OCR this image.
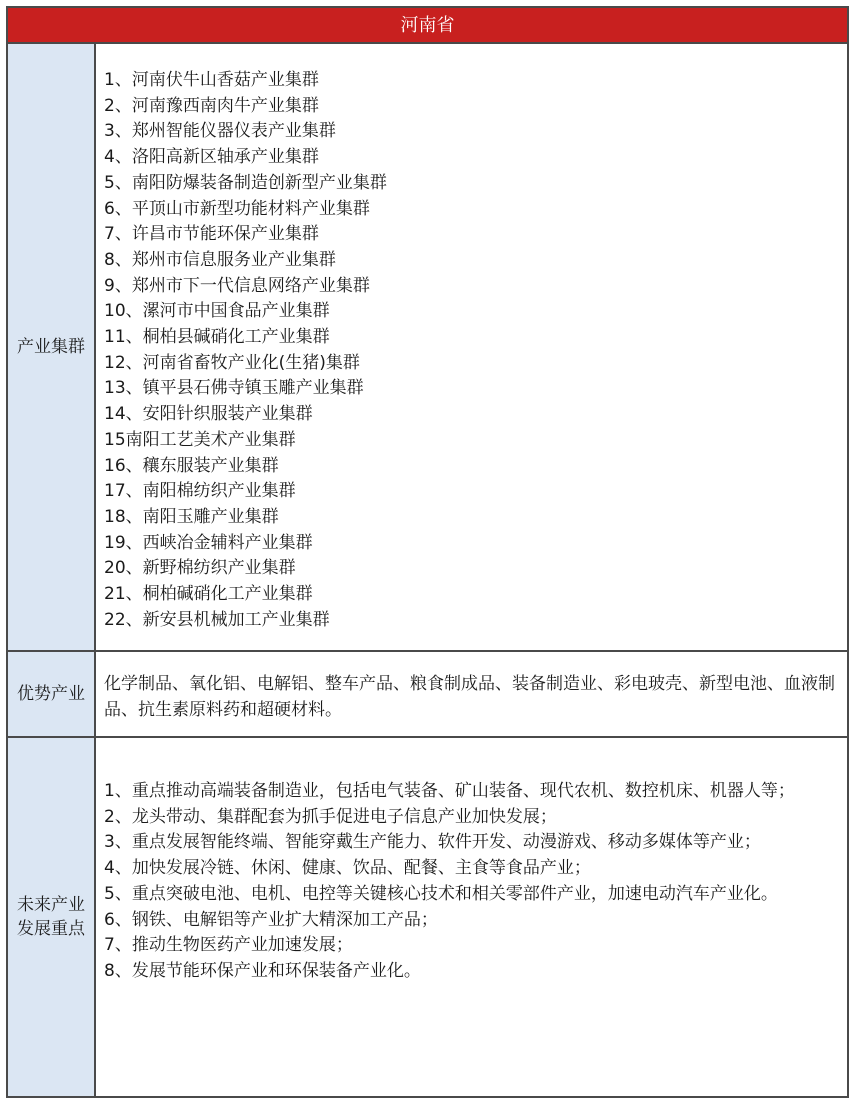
河南省
产业集群
1、河南伏牛山香菇产业集群
2、河南豫西南肉牛产业集群
3、郑州智能仪器仪表产业集群
4、洛阳高新区轴承产业集群
5、南阳防爆装备制造创新型产业集群
6、平顶山市新型功能材料产业集群
7、许昌市节能环保产业集群
8、郑州市信息服务业产业集群
9、郑州市下一代信息网络产业集群
10、漯河市中国食品产业集群
11、桐柏县碱硝化工产业集群
12、河南省畜牧产业化(生猪)集群
13、镇平县石佛寺镇玉雕产业集群
14、安阳针织服装产业集群
15南阳工艺美术产业集群
16、穰东服装产业集群
17、南阳棉纺织产业集群
18、南阳玉雕产业集群
19、西峡冶金辅料产业集群
20、新野棉纺织产业集群
21、桐柏碱硝化工产业集群
22、新安县机械加工产业集群
优势产业	化学制品、氧化铝、电解铝、整车产品、粮食制成品、装备制造业、彩电玻壳、新型电池、血液制品、抗生素原料药和超硬材料。
未来产业发展重点
1、重点推动高端装备制造业，包括电气装备、矿山装备、现代农机、数控机床、机器人等；
2、龙头带动、集群配套为抓手促进电子信息产业加快发展；
3、重点发展智能终端、智能穿戴生产能力、软件开发、动漫游戏、移动多媒体等产业；
4、加快发展冷链、休闲、健康、饮品、配餐、主食等食品产业；
5、重点突破电池、电机、电控等关键核心技术和相关零部件产业，加速电动汽车产业化。
6、钢铁、电解铝等产业扩大精深加工产品；
7、推动生物医药产业加速发展；
8、发展节能环保产业和环保装备产业化。
